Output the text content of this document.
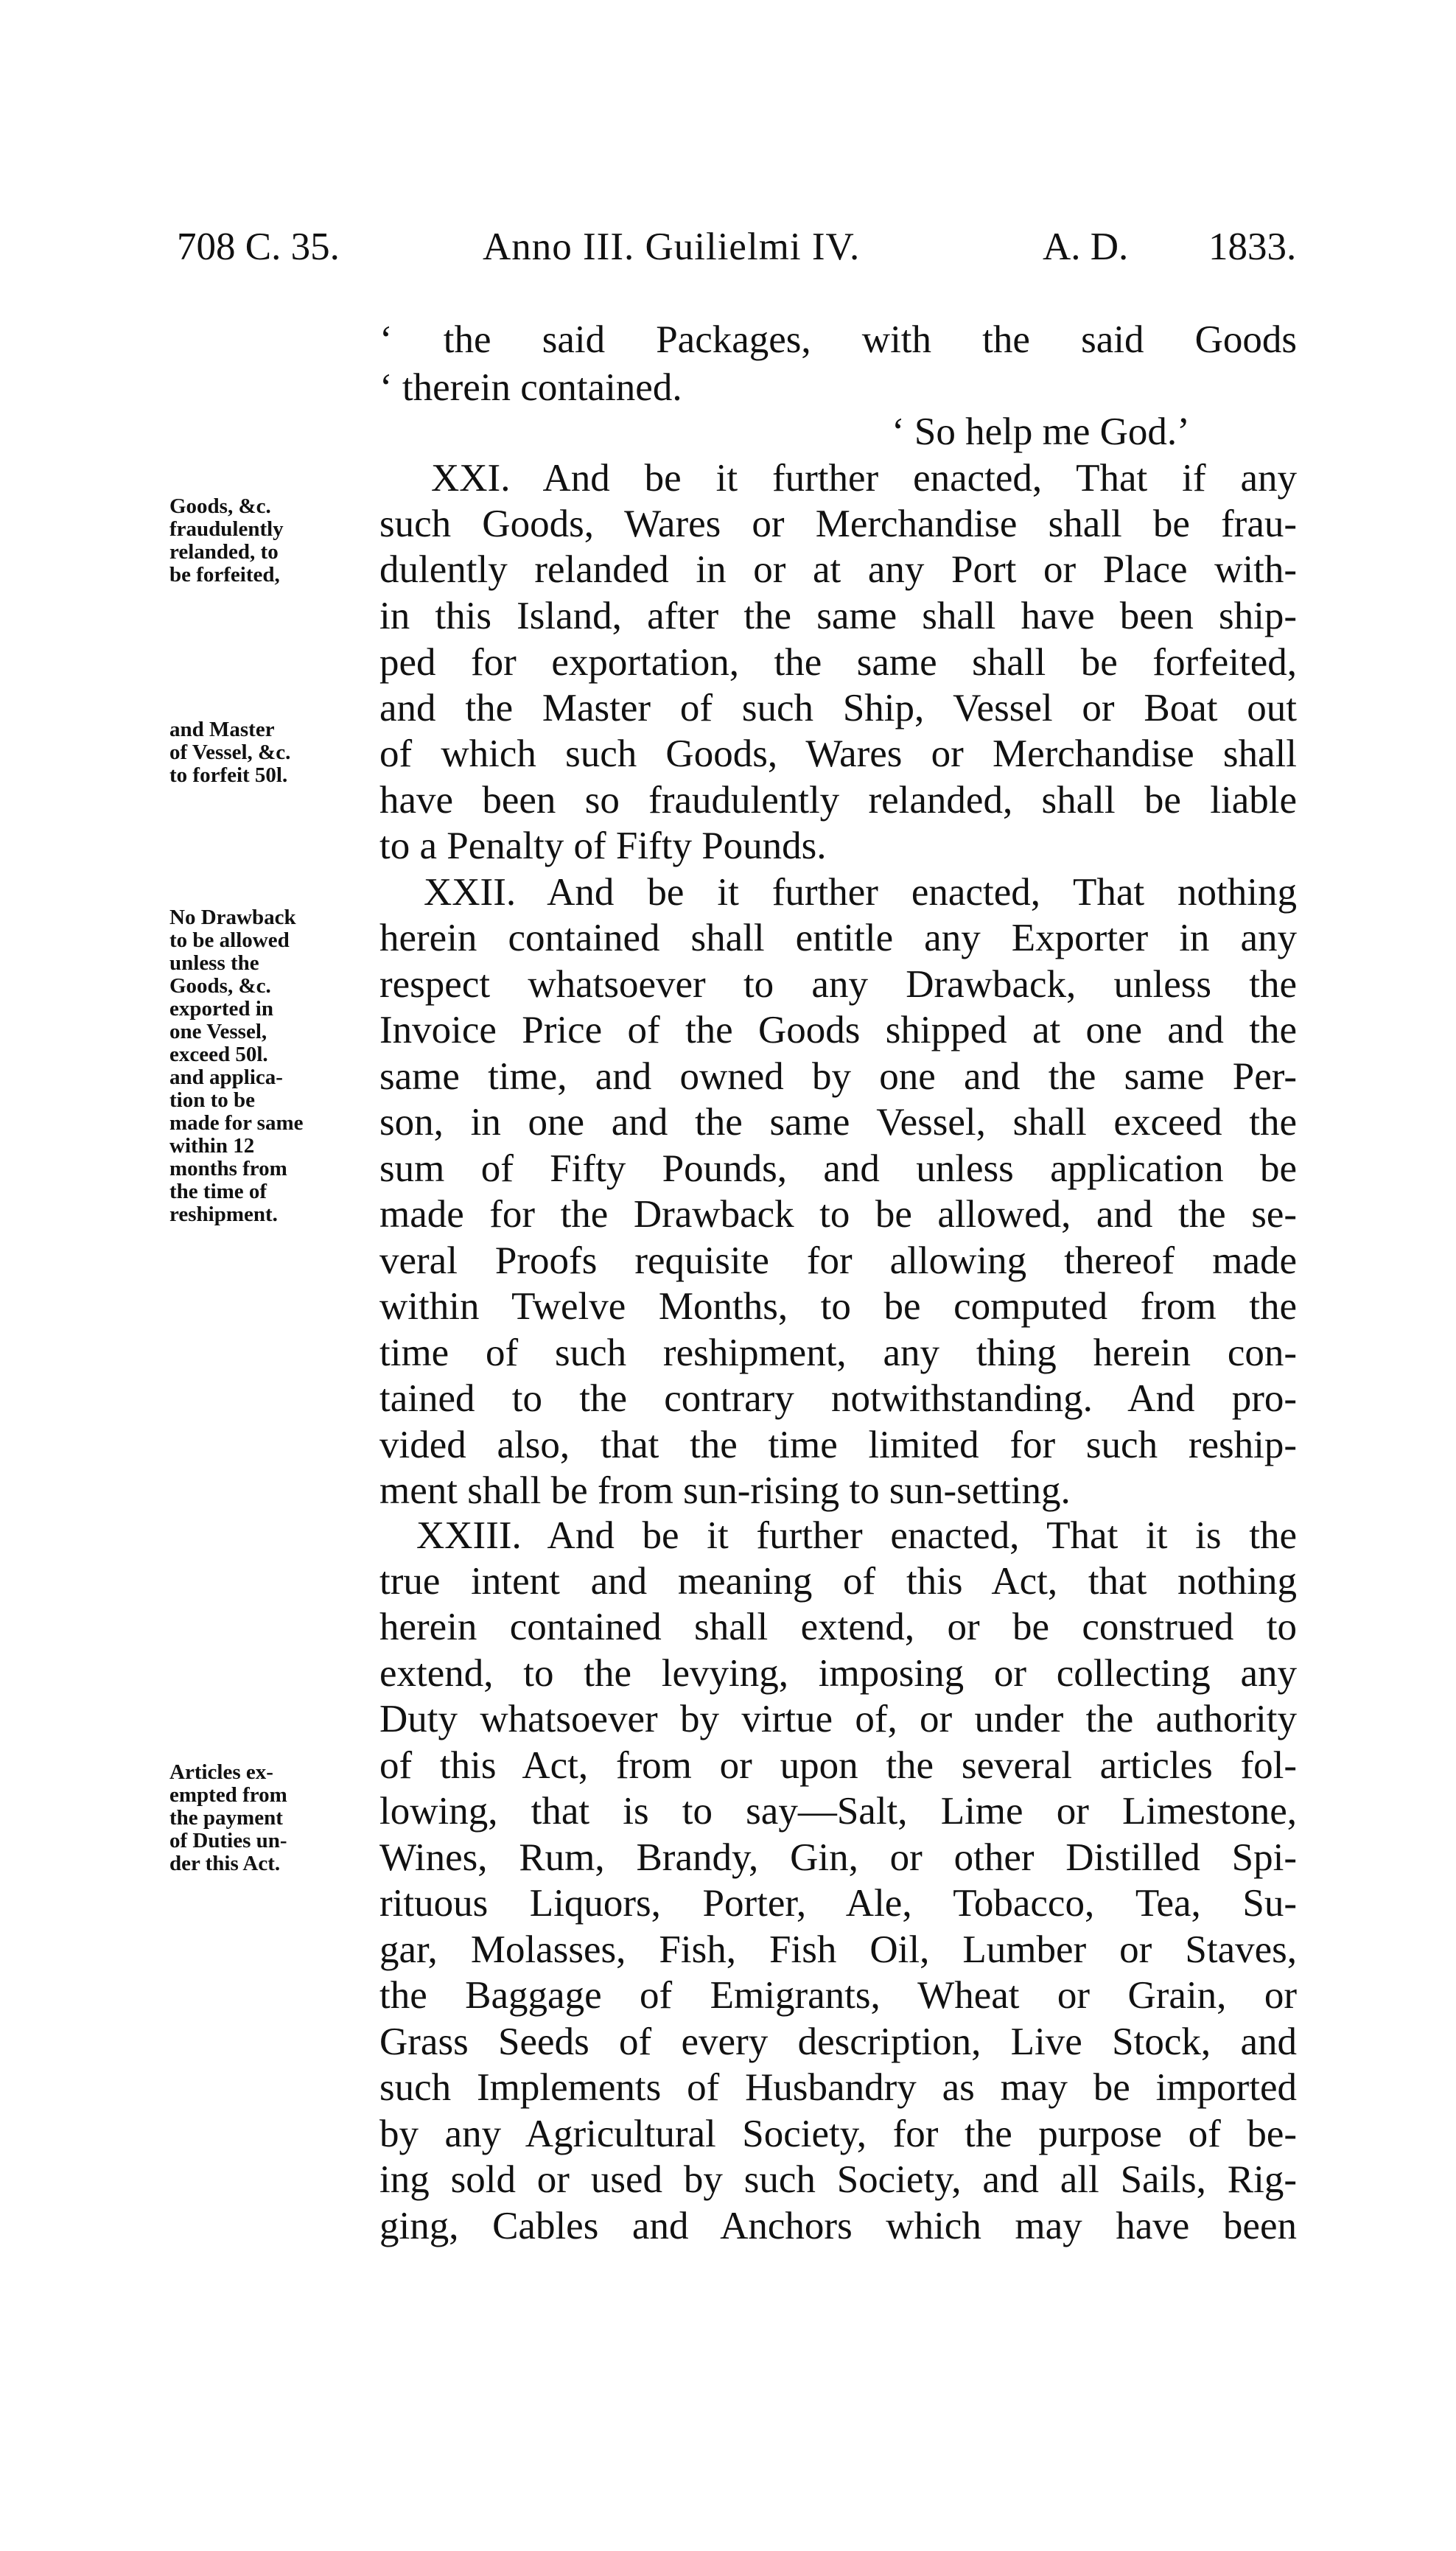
708 C. 35.	Anno III. Guilielmi IV.	A. D. 1833.
‘ the said Packages, with the said Goods
‘ therein contained.
‘ So help me God.’
XXI. And be it further enacted, That if any
such Goods, Wares or Merchandise shall be frau-
dulently relanded in or at any Port or Place with-
in this Island, after the same shall have been ship-
ped for exportation, the same shall be forfeited,
and the Master of such Ship, Vessel or Boat out
of which such Goods, Wares or Merchandise shall
have been so fraudulently relanded, shall be liable
to a Penalty of Fifty Pounds.
XXII. And be it further enacted, That nothing
herein contained shall entitle any Exporter in any
respect whatsoever to any Drawback, unless the
Invoice Price of the Goods shipped at one and the
same time, and owned by one and the same Per-
son, in one and the same Vessel, shall exceed the
sum of Fifty Pounds, and unless application be
made for the Drawback to be allowed, and the se-
veral Proofs requisite for allowing thereof made
within Twelve Months, to be computed from the
time of such reshipment, any thing herein con-
tained to the contrary notwithstanding. And pro-
vided also, that the time limited for such reship-
ment shall be from sun-rising to sun-setting.
XXIII. And be it further enacted, That it is the
true intent and meaning of this Act, that nothing
herein contained shall extend, or be construed to
extend, to the levying, imposing or collecting any
Duty whatsoever by virtue of, or under the authority
of this Act, from or upon the several articles fol-
lowing, that is to say—Salt, Lime or Limestone,
Wines, Rum, Brandy, Gin, or other Distilled Spi-
rituous Liquors, Porter, Ale, Tobacco, Tea, Su-
gar, Molasses, Fish, Fish Oil, Lumber or Staves,
the Baggage of Emigrants, Wheat or Grain, or
Grass Seeds of every description, Live Stock, and
such Implements of Husbandry as may be imported
by any Agricultural Society, for the purpose of be-
ing sold or used by such Society, and all Sails, Rig-
ging, Cables and Anchors which may have been
Goods, &c.
fraudulently
relanded, to
be forfeited,
and Master
of Vessel, &c.
to forfeit 50l.
No Drawback
to be allowed
unless the
Goods, &c.
exported in
one Vessel,
exceed 50l.
and applica-
tion to be
made for same
within 12
months from
the time of
reshipment.
Articles ex-
empted from
the payment
of Duties un-
der this Act.
